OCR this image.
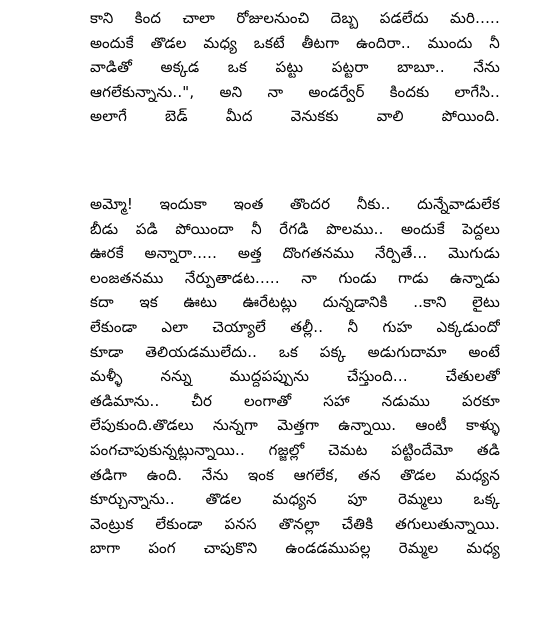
కాని కింద చాలా రోజులనుంచి దెబ్బ పడలేదు మరి.....
అందుకే తొడల మధ్య ఒకటే తీటగా ఉందిరా.. ముందు నీ
వాడితో అక్కడ ఒక పట్టు పట్టరా బాబూ.. నేను
ఆగలేకున్నాను..", అని నా అండర్వేర్ కిందకు లాగేసి..
అలాగే బెడ్ మీద వెనుకకు వాలి పోయింది.
అమ్మో! ఇందుకా ఇంత తొందర నీకు.. దున్నేవాడులేక
బీడు పడి పోయిందా నీ రేగడి పొలము.. అందుకే పెద్దలు
ఊరకే అన్నారా..... అత్త దొంగతనము నేర్పితే... మొగుడు
లంజతనము నేర్పుతాడట..... నా గుండు గాడు ఉన్నాడు
కదా ఇక ఊటు ఊరేటట్లు దున్నడానికి ..కాని లైటు
లేకుండా ఎలా చెయ్యాలే తల్లీ.. నీ గుహ ఎక్కడుందో
కూడా తెలియడములేదు.. ఒక పక్క అడుగుదామా అంటే
మళ్ళీ నన్ను ముద్దపప్పును చేస్తుంది... చేతులతో
తడిమాను.. చీర లంగాతో సహా నడుము పరకూ
లేపుకుంది.తొడలు నున్నగా మెత్తగా ఉన్నాయి. ఆంటీ కాళ్ళు
పంగచాపుకున్నట్లున్నాయి.. గజ్జల్లో చెమట పట్టిందేమో తడి
తడిగా ఉంది. నేను ఇంక ఆగలేక, తన తొడల మధ్యన
కూర్చున్నాను.. తొడల మధ్యన పూ రెమ్మలు ఒక్క
వెంట్రుక లేకుండా పనస తొనల్లా చేతికి తగులుతున్నాయి.
బాగా పంగ చాపుకొని ఉండడముపల్ల రెమ్మల మధ్య
